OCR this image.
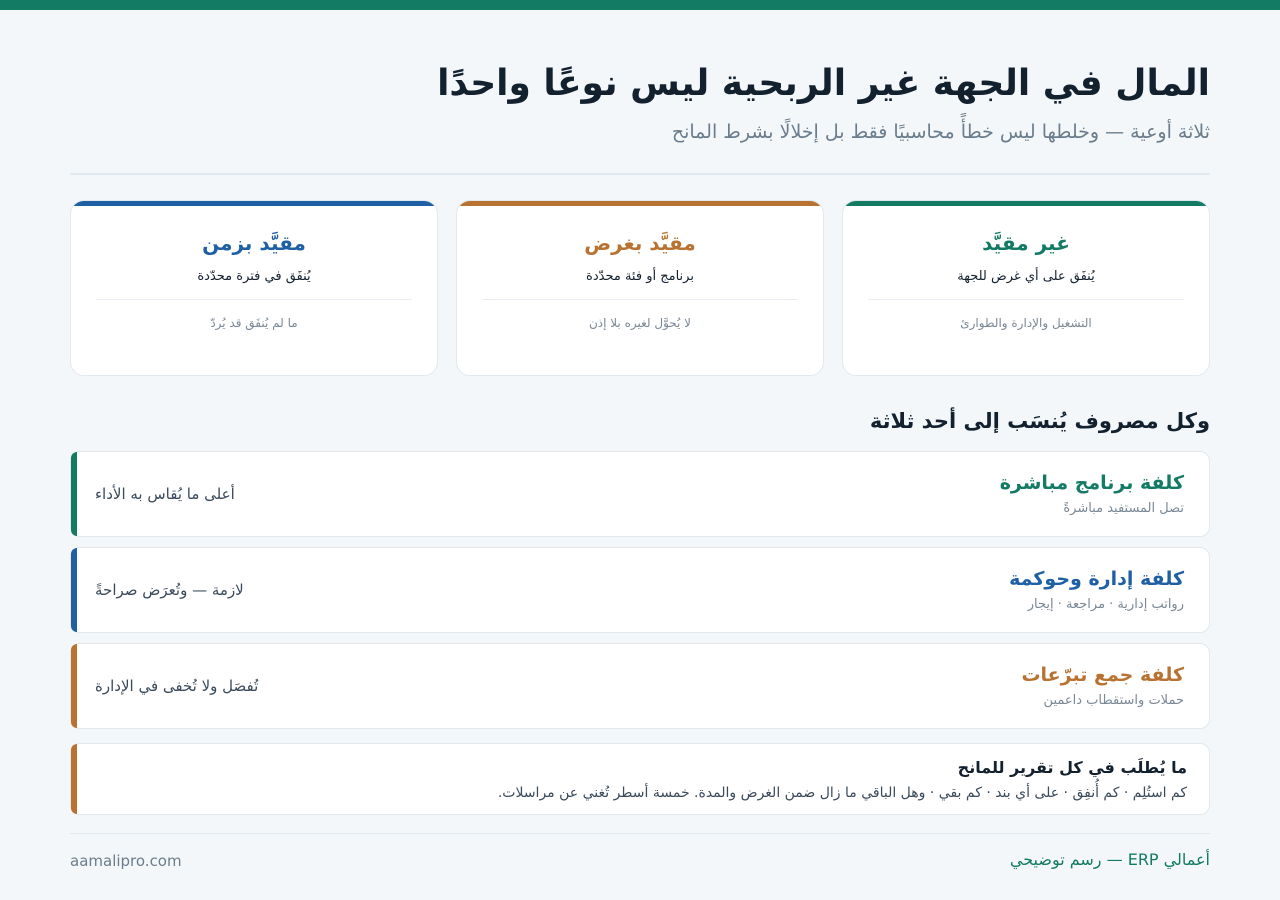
المال في الجهة غير الربحية ليس نوعًا واحدًا
ثلاثة أوعية — وخلطها ليس خطأً محاسبيًا فقط بل إخلالًا بشرط المانح
غير مقيَّد
يُنفَق على أي غرض للجهة
التشغيل والإدارة والطوارئ
مقيَّد بغرض
برنامج أو فئة محدّدة
لا يُحوَّل لغيره بلا إذن
مقيَّد بزمن
يُنفَق في فترة محدّدة
ما لم يُنفَق قد يُردّ
وكل مصروف يُنسَب إلى أحد ثلاثة
كلفة برنامج مباشرة
تصل المستفيد مباشرةً
أعلى ما يُقاس به الأداء
كلفة إدارة وحوكمة
رواتب إدارية · مراجعة · إيجار
لازمة — وتُعرَض صراحةً
كلفة جمع تبرّعات
حملات واستقطاب داعمين
تُفصَل ولا تُخفى في الإدارة
ما يُطلَب في كل تقرير للمانح
كم استُلِم · كم أُنفِق · على أي بند · كم بقي · وهل الباقي ما زال ضمن الغرض والمدة. خمسة أسطر تُغني عن مراسلات.
أعمالي ERP — رسم توضيحي
aamalipro.com
